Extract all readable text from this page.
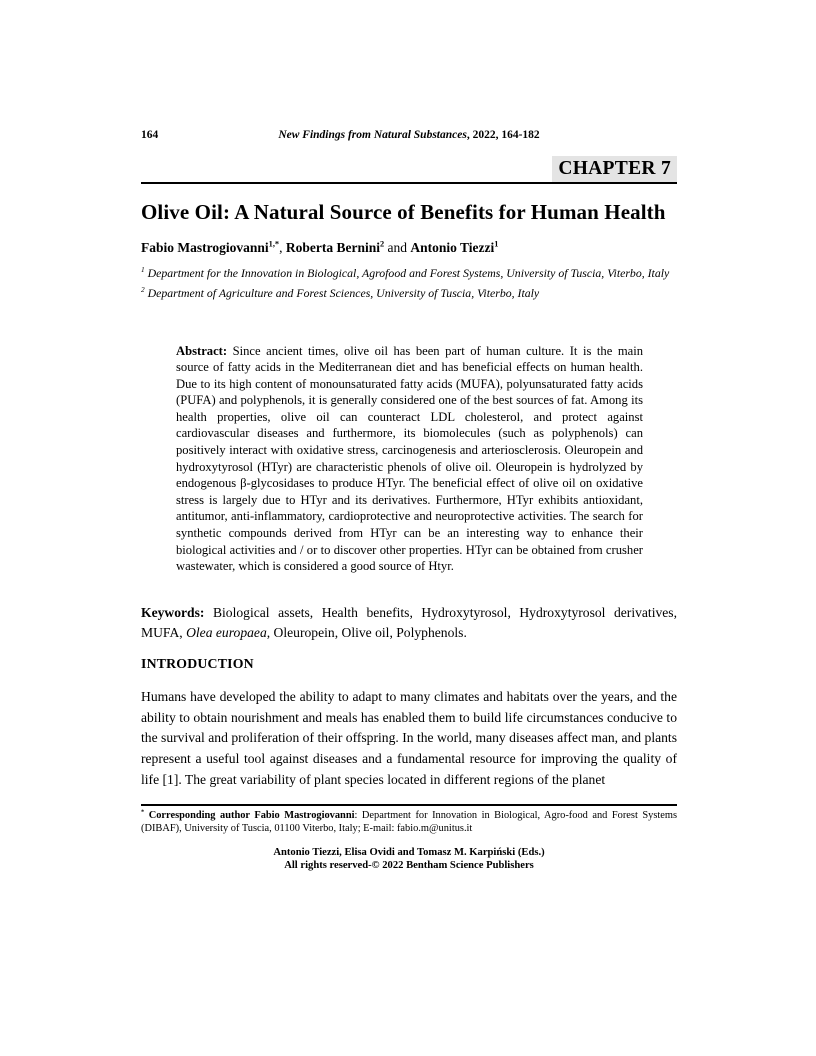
164	New Findings from Natural Substances, 2022, 164-182
CHAPTER 7
Olive Oil: A Natural Source of Benefits for Human Health
Fabio Mastrogiovanni$^{1,*}$, Roberta Bernini$^2$ and Antonio Tiezzi$^1$
$^1$ Department for the Innovation in Biological, Agrofood and Forest Systems, University of Tuscia, Viterbo, Italy
$^2$ Department of Agriculture and Forest Sciences, University of Tuscia, Viterbo, Italy
Abstract: Since ancient times, olive oil has been part of human culture. It is the main source of fatty acids in the Mediterranean diet and has beneficial effects on human health. Due to its high content of monounsaturated fatty acids (MUFA), polyunsaturated fatty acids (PUFA) and polyphenols, it is generally considered one of the best sources of fat. Among its health properties, olive oil can counteract LDL cholesterol, and protect against cardiovascular diseases and furthermore, its biomolecules (such as polyphenols) can positively interact with oxidative stress, carcinogenesis and arteriosclerosis. Oleuropein and hydroxytyrosol (HTyr) are characteristic phenols of olive oil. Oleuropein is hydrolyzed by endogenous β-glycosidases to produce HTyr. The beneficial effect of olive oil on oxidative stress is largely due to HTyr and its derivatives. Furthermore, HTyr exhibits antioxidant, antitumor, anti-inflammatory, cardioprotective and neuroprotective activities. The search for synthetic compounds derived from HTyr can be an interesting way to enhance their biological activities and / or to discover other properties. HTyr can be obtained from crusher wastewater, which is considered a good source of Htyr.
Keywords: Biological assets, Health benefits, Hydroxytyrosol, Hydroxytyrosol derivatives, MUFA, Olea europaea, Oleuropein, Olive oil, Polyphenols.
INTRODUCTION

Humans have developed the ability to adapt to many climates and habitats over the years, and the ability to obtain nourishment and meals has enabled them to build life circumstances conducive to the survival and proliferation of their offspring. In the world, many diseases affect man, and plants represent a useful tool against diseases and a fundamental resource for improving the quality of life [1]. The great variability of plant species located in different regions of the planet

* Corresponding author Fabio Mastrogiovanni: Department for Innovation in Biological, Agro-food and Forest Systems (DIBAF), University of Tuscia, 01100 Viterbo, Italy; E-mail: fabio.m@unitus.it
Antonio Tiezzi, Elisa Ovidi and Tomasz M. Karpiński (Eds.)
All rights reserved-© 2022 Bentham Science Publishers
